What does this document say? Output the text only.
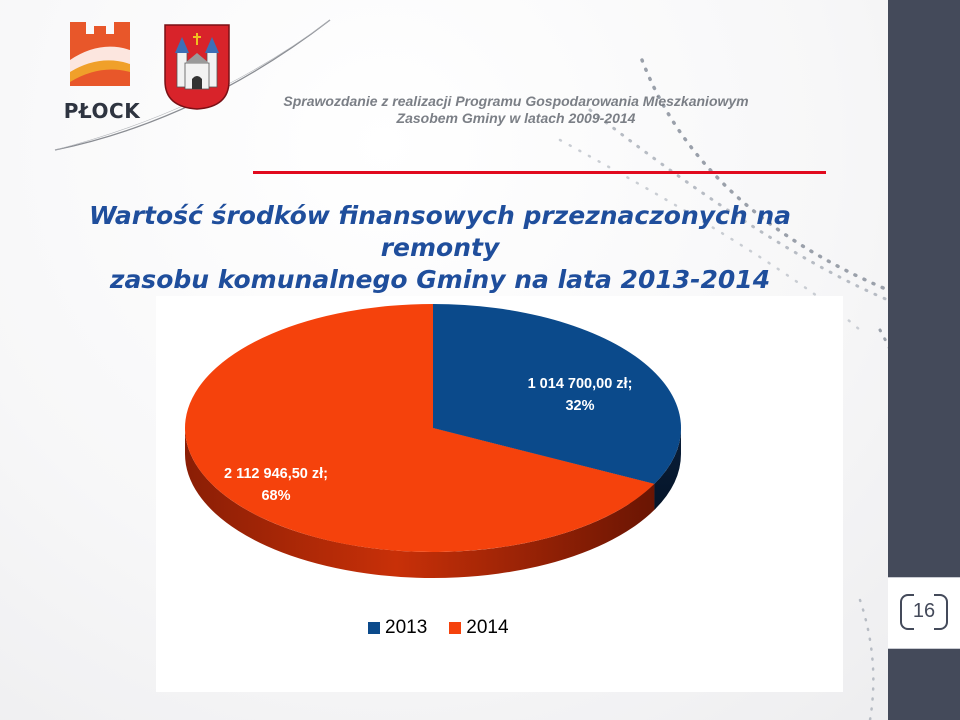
16
PŁOCK	Sprawozdanie z realizacji Programu Gospodarowania Mieszkaniowym
Zasobem Gminy w latach 2009-2014
Wartość środków finansowych przeznaczonych na remonty
zasobu komunalnego Gminy na lata 2013-2014
1 014 700,00 zł;
32%
2 112 946,50 zł;
68%
2013 2014
